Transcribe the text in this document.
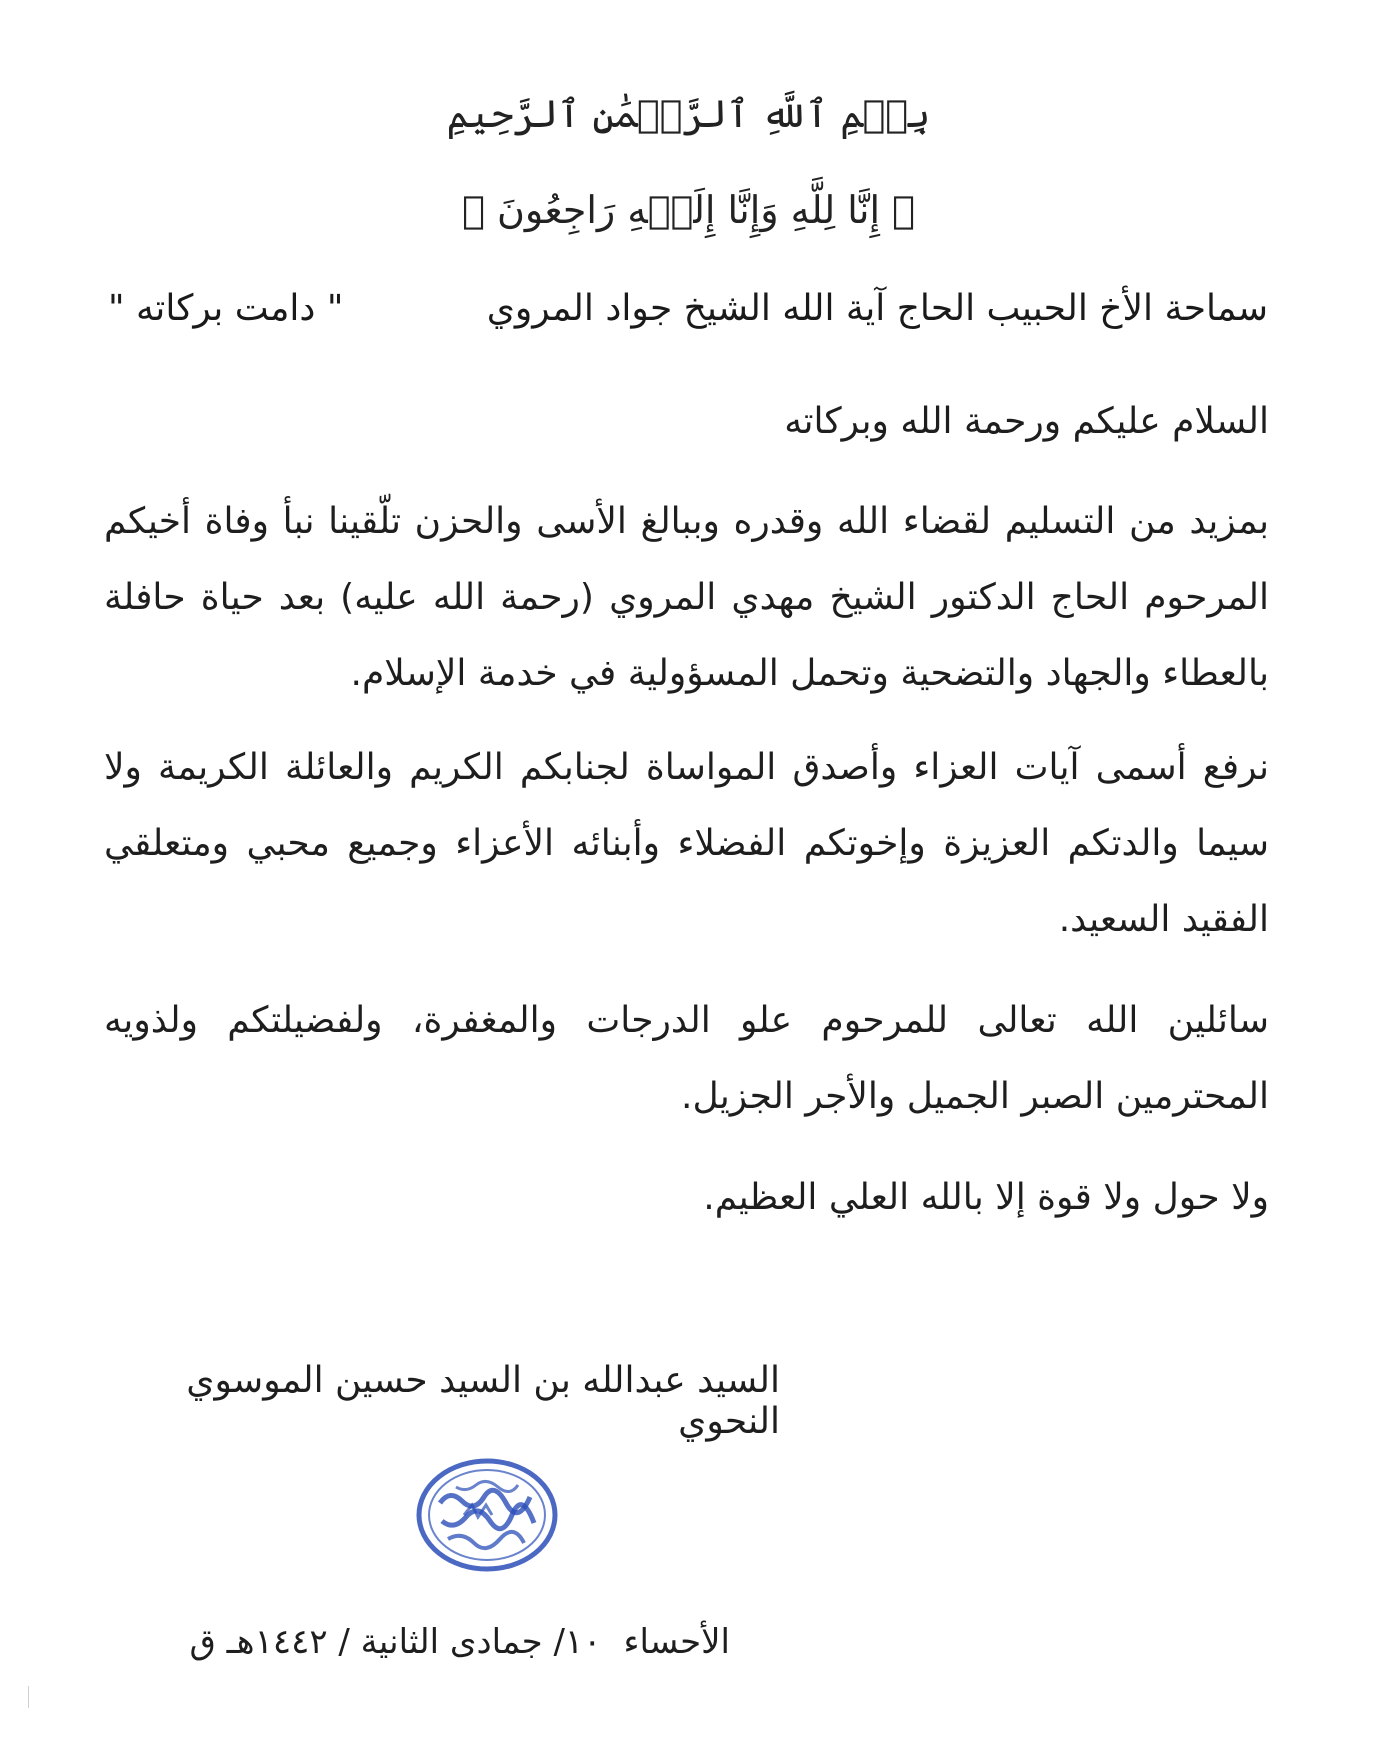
بِسۡمِ ٱللَّهِ ٱلرَّحۡمَٰنِ ٱلرَّحِيمِ
﴿ إِنَّا لِلَّهِ وَإِنَّا إِلَيۡهِ رَاجِعُونَ ﴾
سماحة الأخ الحبيب الحاج آية الله الشيخ جواد المروي
" دامت بركاته "
السلام عليكم ورحمة الله وبركاته
بمزيد من التسليم لقضاء الله وقدره وببالغ الأسى والحزن تلّقينا نبأ وفاة أخيكم المرحوم الحاج الدكتور الشيخ مهدي المروي (رحمة الله عليه) بعد حياة حافلة بالعطاء والجهاد والتضحية وتحمل المسؤولية في خدمة الإسلام.
نرفع أسمى آيات العزاء وأصدق المواساة لجنابكم الكريم والعائلة الكريمة ولا سيما والدتكم العزيزة وإخوتكم الفضلاء وأبنائه الأعزاء وجميع محبي ومتعلقي الفقيد السعيد.
سائلين الله تعالى للمرحوم علو الدرجات والمغفرة، ولفضيلتكم ولذويه المحترمين الصبر الجميل والأجر الجزيل.
ولا حول ولا قوة إلا بالله العلي العظيم.
السيد عبدالله بن السيد حسين الموسوي النحوي
الأحساء١٠/ جمادى الثانية / ١٤٤٢هـ ق
